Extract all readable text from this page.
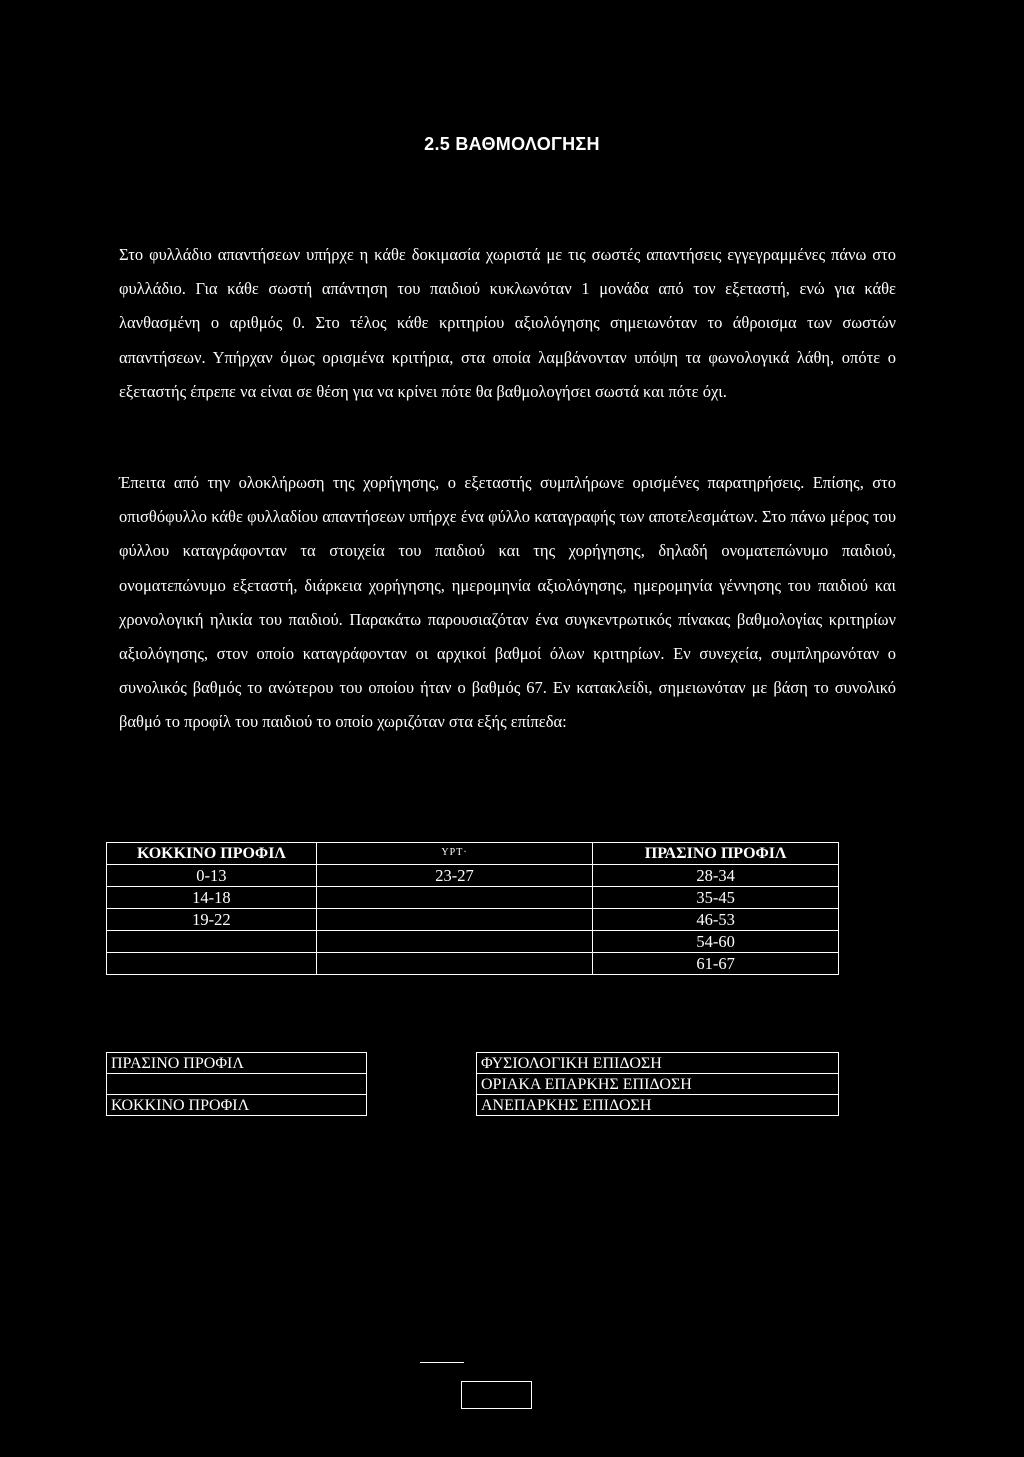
2.5 ΒΑΘΜΟΛΟΓΗΣΗ

Στο φυλλάδιο απαντήσεων υπήρχε η κάθε δοκιμασία χωριστά με τις σωστές απαντήσεις εγγεγραμμένες πάνω στο φυλλάδιο. Για κάθε σωστή απάντηση του παιδιού κυκλωνόταν 1 μονάδα από τον εξεταστή, ενώ για κάθε λανθασμένη ο αριθμός 0. Στο τέλος κάθε κριτηρίου αξιολόγησης σημειωνόταν το άθροισμα των σωστών απαντήσεων. Υπήρχαν όμως ορισμένα κριτήρια, στα οποία λαμβάνονταν υπόψη τα φωνολογικά λάθη, οπότε ο εξεταστής έπρεπε να είναι σε θέση για να κρίνει πότε θα βαθμολογήσει σωστά και πότε όχι.

Έπειτα από την ολοκλήρωση της χορήγησης, ο εξεταστής συμπλήρωνε ορισμένες παρατηρήσεις. Επίσης, στο οπισθόφυλλο κάθε φυλλαδίου απαντήσεων υπήρχε ένα φύλλο καταγραφής των αποτελεσμάτων. Στο πάνω μέρος του φύλλου καταγράφονταν τα στοιχεία του παιδιού και της χορήγησης, δηλαδή ονοματεπώνυμο παιδιού, ονοματεπώνυμο εξεταστή, διάρκεια χορήγησης, ημερομηνία αξιολόγησης, ημερομηνία γέννησης του παιδιού και χρονολογική ηλικία του παιδιού. Παρακάτω παρουσιαζόταν ένα συγκεντρωτικός πίνακας βαθμολογίας κριτηρίων αξιολόγησης, στον οποίο καταγράφονταν οι αρχικοί βαθμοί όλων κριτηρίων. Εν συνεχεία, συμπληρωνόταν ο συνολικός βαθμός το ανώτερου του οποίου ήταν ο βαθμός 67. Εν κατακλείδι, σημειωνόταν με βάση το συνολικό βαθμό το προφίλ του παιδιού το οποίο χωριζόταν στα εξής επίπεδα:

ΚΟΚΚΙΝΟ ΠΡΟΦΙΛ	ΥΡΤ·	ΠΡΑΣΙΝΟ ΠΡΟΦΙΛ
0-13	23-27	28-34
14-18		35-45
19-22		46-53
		54-60
		61-67
ΠΡΑΣΙΝΟ ΠΡΟΦΙΛ		ΦΥΣΙΟΛΟΓΙΚΗ ΕΠΙΔΟΣΗ
		ΟΡΙΑΚΑ ΕΠΑΡΚΗΣ ΕΠΙΔΟΣΗ
ΚΟΚΚΙΝΟ ΠΡΟΦΙΛ		ΑΝΕΠΑΡΚΗΣ ΕΠΙΔΟΣΗ
